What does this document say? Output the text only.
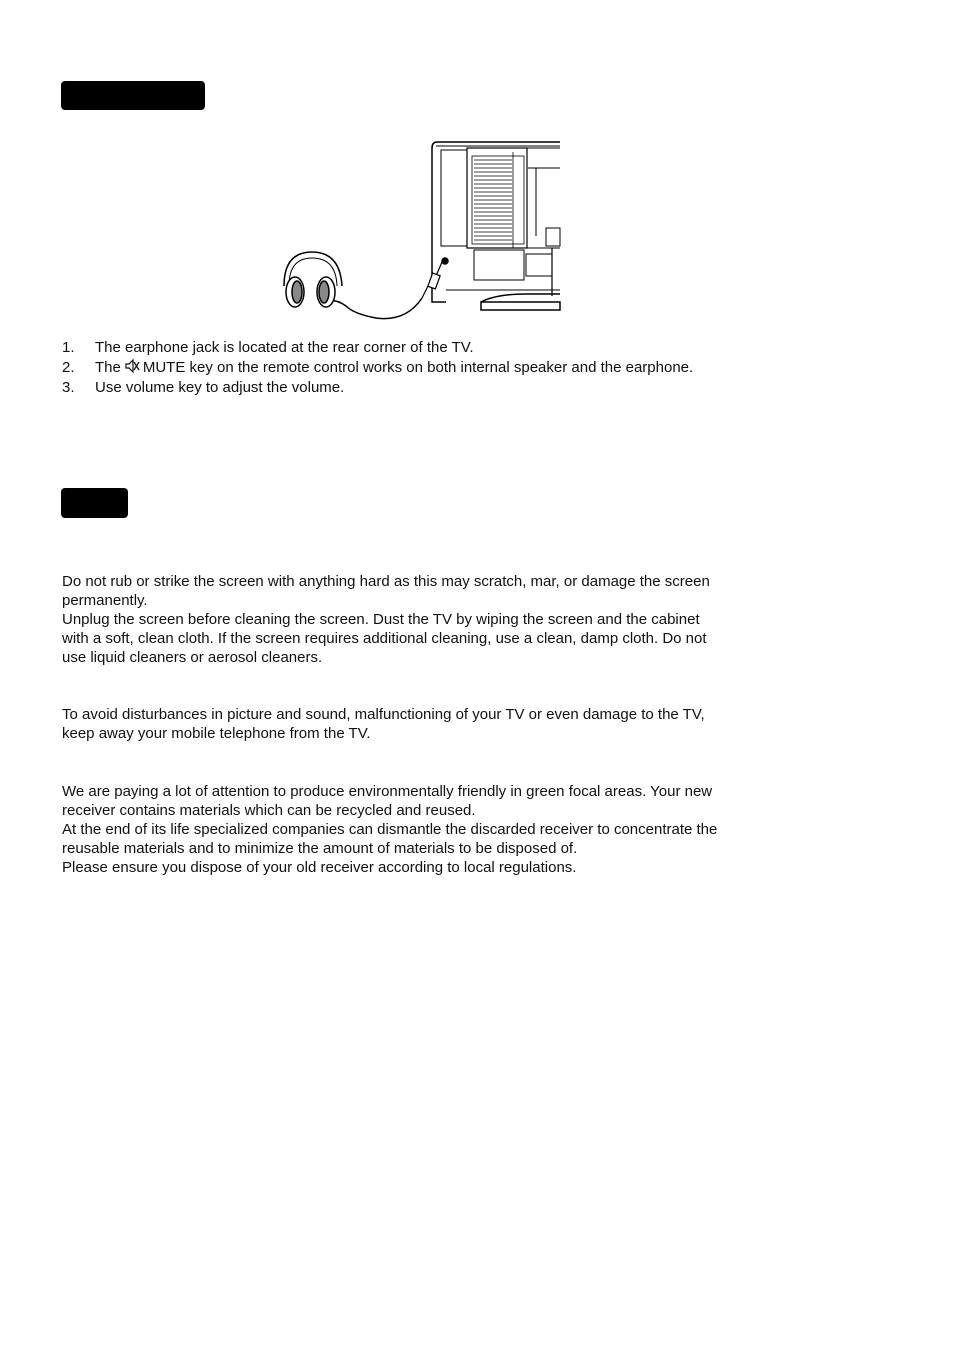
1. The earphone jack is located at the rear corner of the TV.
2. The MUTE key on the remote control works on both internal speaker and the earphone.
3. Use volume key to adjust the volume.
Do not rub or strike the screen with anything hard as this may scratch, mar, or damage the screen
permanently.
Unplug the screen before cleaning the screen. Dust the TV by wiping the screen and the cabinet
with a soft, clean cloth. If the screen requires additional cleaning, use a clean, damp cloth. Do not
use liquid cleaners or aerosol cleaners.
To avoid disturbances in picture and sound, malfunctioning of your TV or even damage to the TV,
keep away your mobile telephone from the TV.
We are paying a lot of attention to produce environmentally friendly in green focal areas. Your new
receiver contains materials which can be recycled and reused.
At the end of its life specialized companies can dismantle the discarded receiver to concentrate the
reusable materials and to minimize the amount of materials to be disposed of.
Please ensure you dispose of your old receiver according to local regulations.
